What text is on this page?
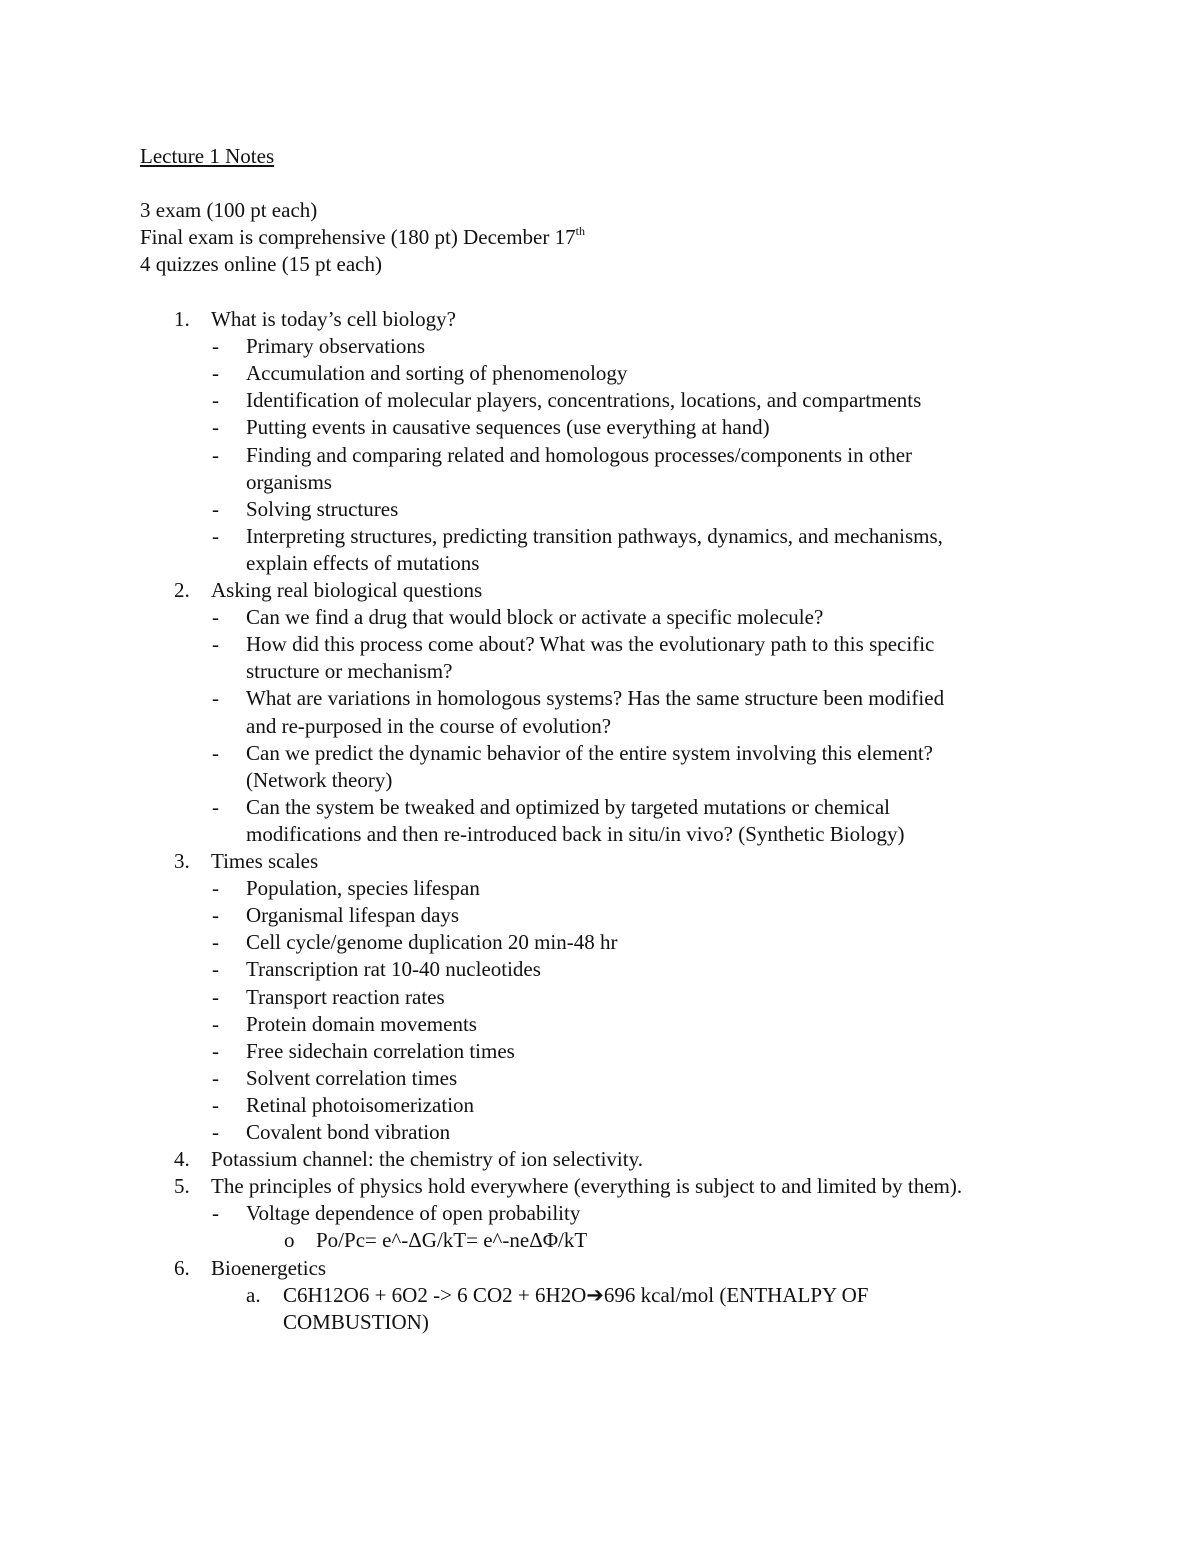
Lecture 1 Notes
3 exam (100 pt each)
Final exam is comprehensive (180 pt) December 17th
4 quizzes online (15 pt each)
1. What is today’s cell biology?
- Primary observations
- Accumulation and sorting of phenomenology
- Identification of molecular players, concentrations, locations, and compartments
- Putting events in causative sequences (use everything at hand)
- Finding and comparing related and homologous processes/components in other
organisms
- Solving structures
- Interpreting structures, predicting transition pathways, dynamics, and mechanisms,
explain effects of mutations
2. Asking real biological questions
- Can we find a drug that would block or activate a specific molecule?
- How did this process come about? What was the evolutionary path to this specific
structure or mechanism?
- What are variations in homologous systems? Has the same structure been modified
and re-purposed in the course of evolution?
- Can we predict the dynamic behavior of the entire system involving this element?
(Network theory)
- Can the system be tweaked and optimized by targeted mutations or chemical
modifications and then re-introduced back in situ/in vivo? (Synthetic Biology)
3. Times scales
- Population, species lifespan
- Organismal lifespan days
- Cell cycle/genome duplication 20 min-48 hr
- Transcription rat 10-40 nucleotides
- Transport reaction rates
- Protein domain movements
- Free sidechain correlation times
- Solvent correlation times
- Retinal photoisomerization
- Covalent bond vibration
4. Potassium channel: the chemistry of ion selectivity.
5. The principles of physics hold everywhere (everything is subject to and limited by them).
- Voltage dependence of open probability
o Po/Pc= e^-ΔG/kT= e^-neΔΦ/kT
6. Bioenergetics
a. C6H12O6 + 6O2 -> 6 CO2 + 6H2O➔696 kcal/mol (ENTHALPY OF
COMBUSTION)
